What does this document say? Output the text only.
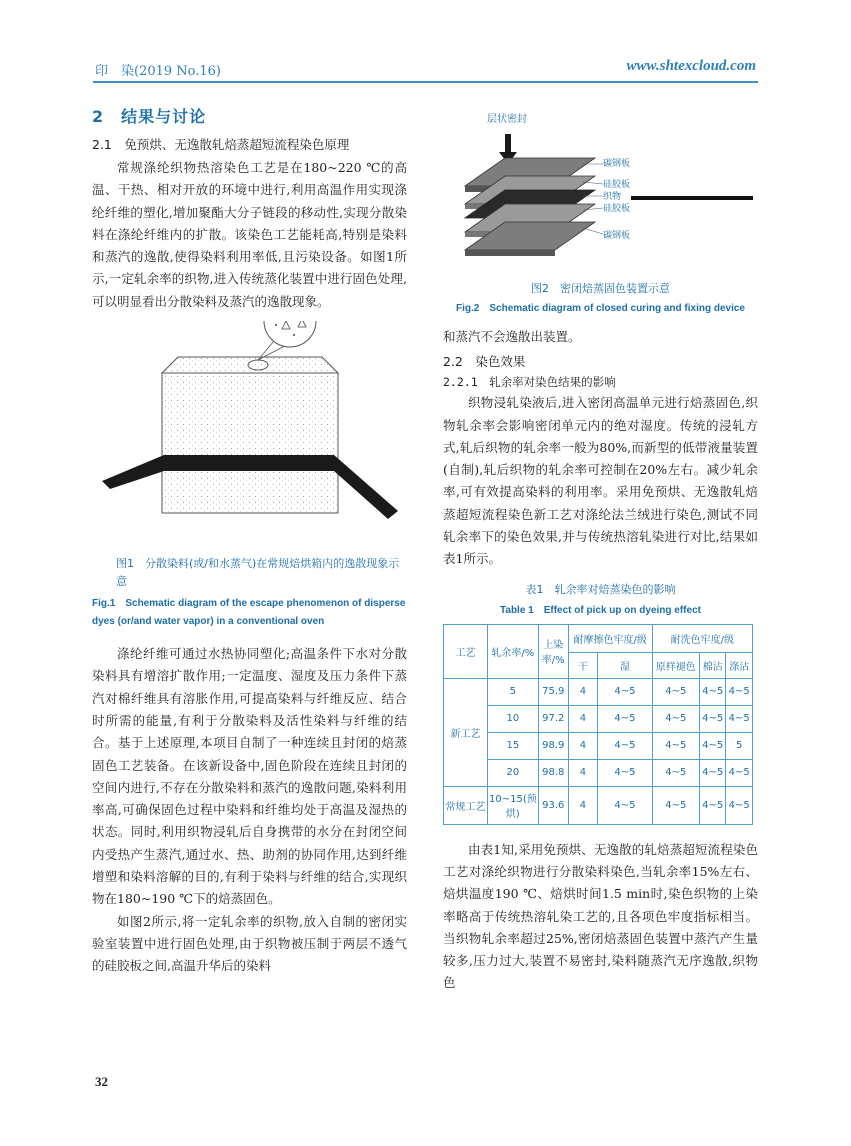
印　染(2019 No.16)	www.shtexcloud.com
2　结果与讨论
2.1　免预烘、无逸散轧焙蒸超短流程染色原理

常规涤纶织物热溶染色工艺是在180~220 ℃的高温、干热、相对开放的环境中进行,利用高温作用实现涤纶纤维的塑化,增加聚酯大分子链段的移动性,实现分散染料在涤纶纤维内的扩散。该染色工艺能耗高,特别是染料和蒸汽的逸散,使得染料利用率低,且污染设备。如图1所示,一定轧余率的织物,进入传统蒸化装置中进行固色处理,可以明显看出分散染料及蒸汽的逸散现象。

图1　分散染料(或/和水蒸气)在常规焙烘箱内的逸散现象示意
Fig.1　Schematic diagram of the escape phenomenon of disperse dyes (or/and water vapor) in a conventional oven

涤纶纤维可通过水热协同塑化;高温条件下水对分散染料具有增溶扩散作用;一定温度、湿度及压力条件下蒸汽对棉纤维具有溶胀作用,可提高染料与纤维反应、结合时所需的能量,有利于分散染料及活性染料与纤维的结合。基于上述原理,本项目自制了一种连续且封闭的焙蒸固色工艺装备。在该新设备中,固色阶段在连续且封闭的空间内进行,不存在分散染料和蒸汽的逸散问题,染料利用率高,可确保固色过程中染料和纤维均处于高温及湿热的状态。同时,利用织物浸轧后自身携带的水分在封闭空间内受热产生蒸汽,通过水、热、助剂的协同作用,达到纤维增塑和染料溶解的目的,有利于染料与纤维的结合,实现织物在180~190 ℃下的焙蒸固色。

如图2所示,将一定轧余率的织物,放入自制的密闭实验室装置中进行固色处理,由于织物被压制于两层不透气的硅胶板之间,高温升华后的染料

层状密封
碳钢板
硅胶板
织物
硅胶板
碳钢板
图2　密闭焙蒸固色装置示意
Fig.2　Schematic diagram of closed curing and fixing device

和蒸汽不会逸散出装置。

2.2　染色效果
2.2.1　轧余率对染色结果的影响

织物浸轧染液后,进入密闭高温单元进行焙蒸固色,织物轧余率会影响密闭单元内的绝对湿度。传统的浸轧方式,轧后织物的轧余率一般为80%,而新型的低带液量装置(自制),轧后织物的轧余率可控制在20%左右。减少轧余率,可有效提高染料的利用率。采用免预烘、无逸散轧焙蒸超短流程染色新工艺对涤纶法兰绒进行染色,测试不同轧余率下的染色效果,并与传统热溶轧染进行对比,结果如表1所示。

表1　轧余率对焙蒸染色的影响
Table 1　Effect of pick up on dyeing effect
工艺	轧余率/%	上染率/%	耐摩擦色牢度/级		耐洗色牢度/级		
			干	湿	原样褪色	棉沾	涤沾
新工艺	5	75.9	4	4~5	4~5	4~5	4~5
	10	97.2	4	4~5	4~5	4~5	4~5
	15	98.9	4	4~5	4~5	4~5	5
	20	98.8	4	4~5	4~5	4~5	4~5
常规工艺	10~15(预烘)	93.6	4	4~5	4~5	4~5	4~5

由表1知,采用免预烘、无逸散的轧焙蒸超短流程染色工艺对涤纶织物进行分散染料染色,当轧余率15%左右、焙烘温度190 ℃、焙烘时间1.5 min时,染色织物的上染率略高于传统热溶轧染工艺的,且各项色牢度指标相当。当织物轧余率超过25%,密闭焙蒸固色装置中蒸汽产生量较多,压力过大,装置不易密封,染料随蒸汽无序逸散,织物色

32
